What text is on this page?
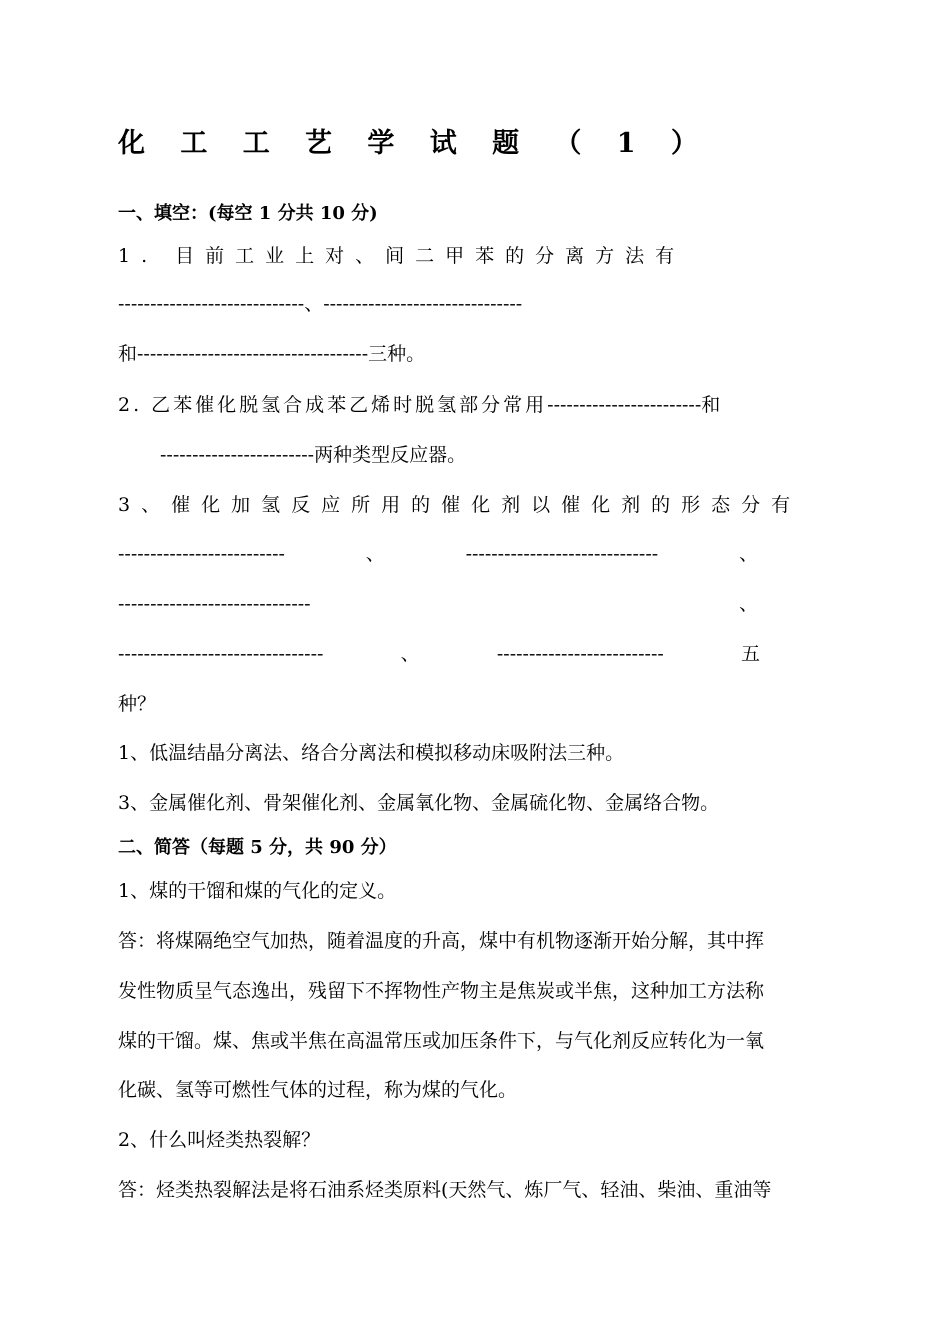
化 工 工 艺 学 试 题 （ 1 ）
一、填空：(每空 1 分共 10 分)
1. 目前工业上对、间二甲苯的分离方法有
-----------------------------、-------------------------------
和------------------------------------三种。
2. 乙苯催化脱氢合成苯乙烯时脱氢部分常用------------------------和
------------------------两种类型反应器。
3、催化加氢反应所用的催化剂以催化剂的形态分有
--------------------------	、	------------------------------	、
------------------------------	、
--------------------------------	、	--------------------------	五
种？
1、低温结晶分离法、络合分离法和模拟移动床吸附法三种。
3、金属催化剂、骨架催化剂、金属氧化物、金属硫化物、金属络合物。
二、简答（每题 5 分，共 90 分）
1、煤的干馏和煤的气化的定义。
答：将煤隔绝空气加热，随着温度的升高，煤中有机物逐渐开始分解，其中挥
发性物质呈气态逸出，残留下不挥物性产物主是焦炭或半焦，这种加工方法称
煤的干馏。煤、焦或半焦在高温常压或加压条件下，与气化剂反应转化为一氧
化碳、氢等可燃性气体的过程，称为煤的气化。
2、什么叫烃类热裂解？
答：烃类热裂解法是将石油系烃类原料(天然气、炼厂气、轻油、柴油、重油等
